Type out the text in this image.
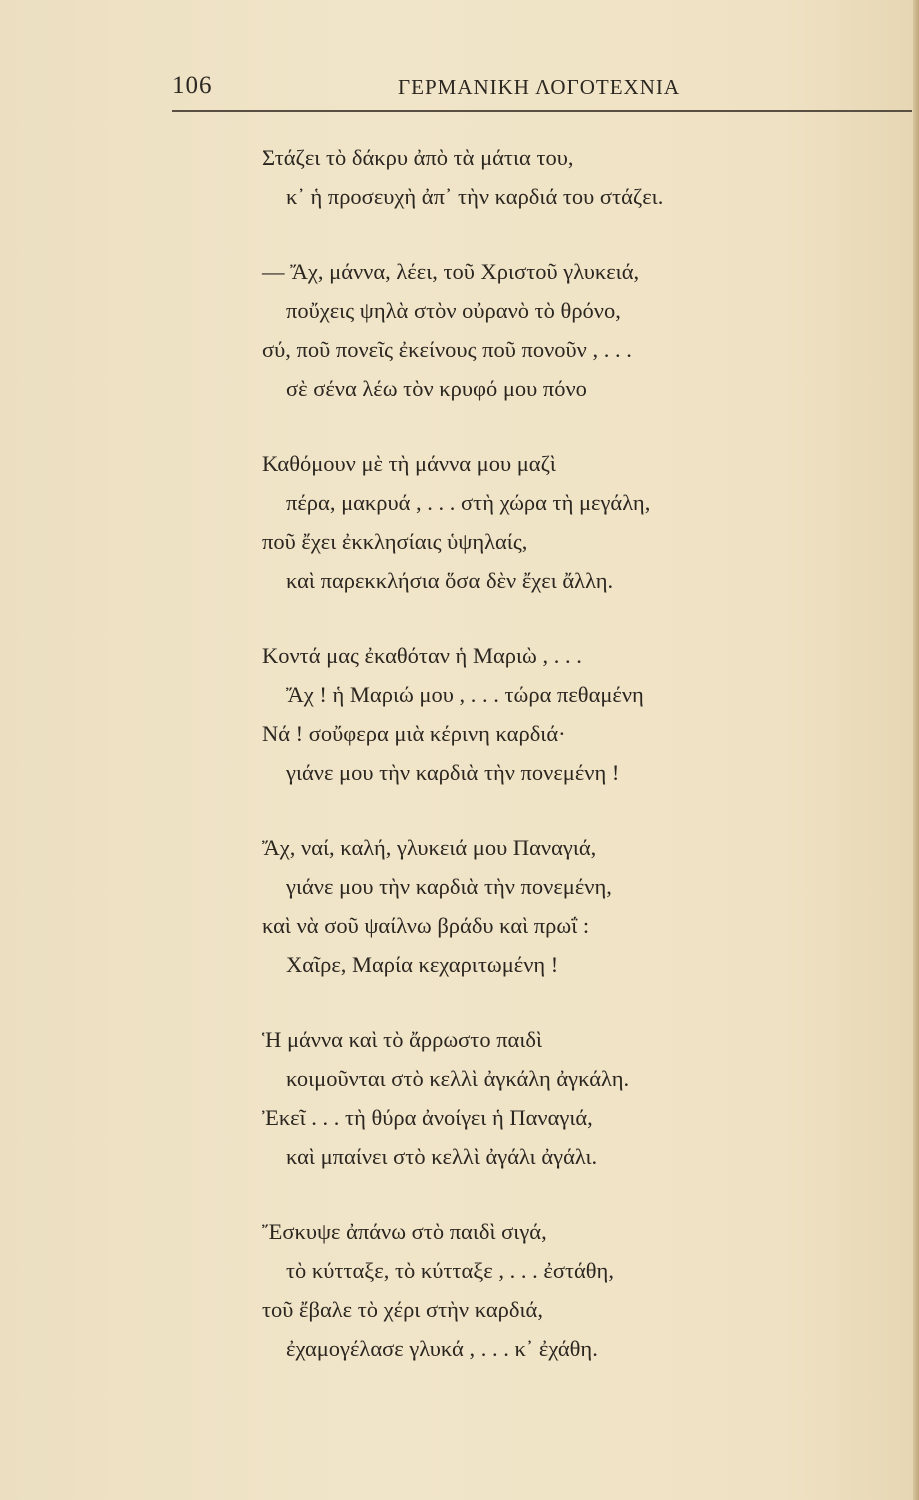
106	ΓΕΡΜΑΝΙΚΗ ΛΟΓΟΤΕΧΝΙΑ
Στάζει τὸ δάκρυ ἀπὸ τὰ μάτια του,
κ᾽ ἡ προσευχὴ ἀπ᾽ τὴν καρδιά του στάζει.
— Ἄχ, μάννα, λέει, τοῦ Χριστοῦ γλυκειά,
ποὔχεις ψηλὰ στὸν οὐρανὸ τὸ θρόνο,
σύ, ποῦ πονεῖς ἐκείνους ποῦ πονοῦν , . . .
σὲ σένα λέω τὸν κρυφό μου πόνο
Καθόμουν μὲ τὴ μάννα μου μαζὶ
πέρα, μακρυά , . . . στὴ χώρα τὴ μεγάλη,
ποῦ ἔχει ἐκκλησίαις ὑψηλαίς,
καὶ παρεκκλήσια ὅσα δὲν ἔχει ἄλλη.
Κοντά μας ἐκαθόταν ἡ Μαριὼ , . . .
Ἄχ ! ἡ Μαριώ μου , . . . τώρα πεθαμένη
Νά ! σοὔφερα μιὰ κέρινη καρδιά·
γιάνε μου τὴν καρδιὰ τὴν πονεμένη !
Ἄχ, ναί, καλή, γλυκειά μου Παναγιά,
γιάνε μου τὴν καρδιὰ τὴν πονεμένη,
καὶ νὰ σοῦ ψαίλνω βράδυ καὶ πρωΐ :
Χαῖρε, Μαρία κεχαριτωμένη !
Ἡ μάννα καὶ τὸ ἄρρωστο παιδὶ
κοιμοῦνται στὸ κελλὶ ἀγκάλη ἀγκάλη.
Ἐκεῖ . . . τὴ θύρα ἀνοίγει ἡ Παναγιά,
καὶ μπαίνει στὸ κελλὶ ἀγάλι ἀγάλι.
Ἔσκυψε ἀπάνω στὸ παιδὶ σιγά,
τὸ κύτταξε, τὸ κύτταξε , . . . ἐστάθη,
τοῦ ἔβαλε τὸ χέρι στὴν καρδιά,
ἐχαμογέλασε γλυκά , . . . κ᾽ ἐχάθη.
